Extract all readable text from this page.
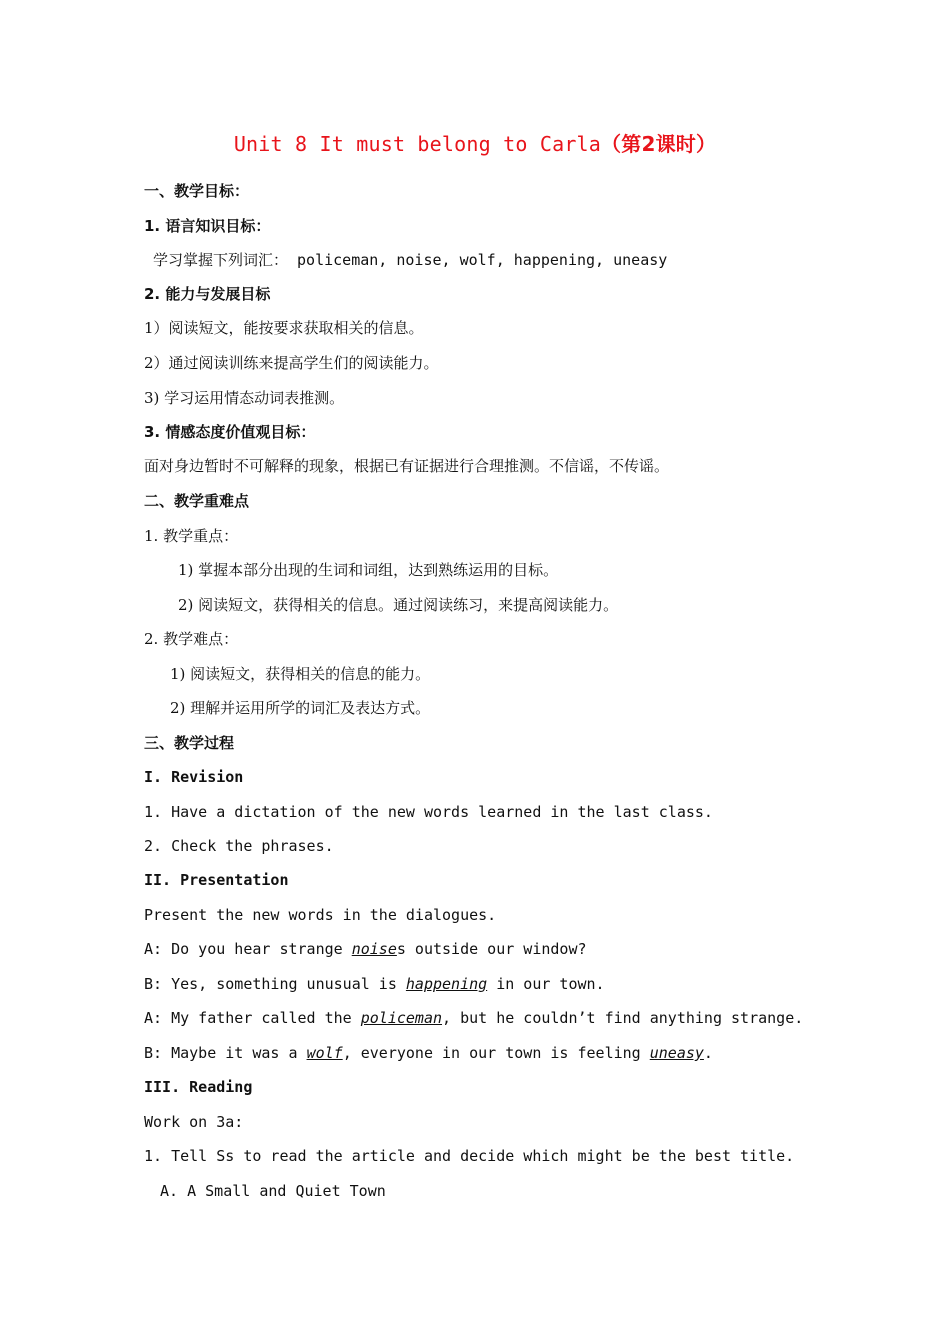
Unit 8 It must belong to Carla（第2课时）
一、教学目标：
1. 语言知识目标：
学习掌握下列词汇： policeman, noise, wolf, happening, uneasy
2. 能力与发展目标
1）阅读短文，能按要求获取相关的信息。
2）通过阅读训练来提高学生们的阅读能力。
3) 学习运用情态动词表推测。
3. 情感态度价值观目标：
面对身边暂时不可解释的现象，根据已有证据进行合理推测。不信谣，不传谣。
二、教学重难点
1. 教学重点：
1) 掌握本部分出现的生词和词组，达到熟练运用的目标。
2) 阅读短文，获得相关的信息。通过阅读练习，来提高阅读能力。
2. 教学难点：
1) 阅读短文，获得相关的信息的能力。
2) 理解并运用所学的词汇及表达方式。
三、教学过程
I. Revision
1. Have a dictation of the new words learned in the last class.
2. Check the phrases.
II. Presentation
Present the new words in the dialogues.
A: Do you hear strange noises outside our window?
B: Yes, something unusual is happening in our town.
A: My father called the policeman, but he couldn’t find anything strange.
B: Maybe it was a wolf, everyone in our town is feeling uneasy.
III. Reading
Work on 3a:
1. Tell Ss to read the article and decide which might be the best title.
A. A Small and Quiet Town
